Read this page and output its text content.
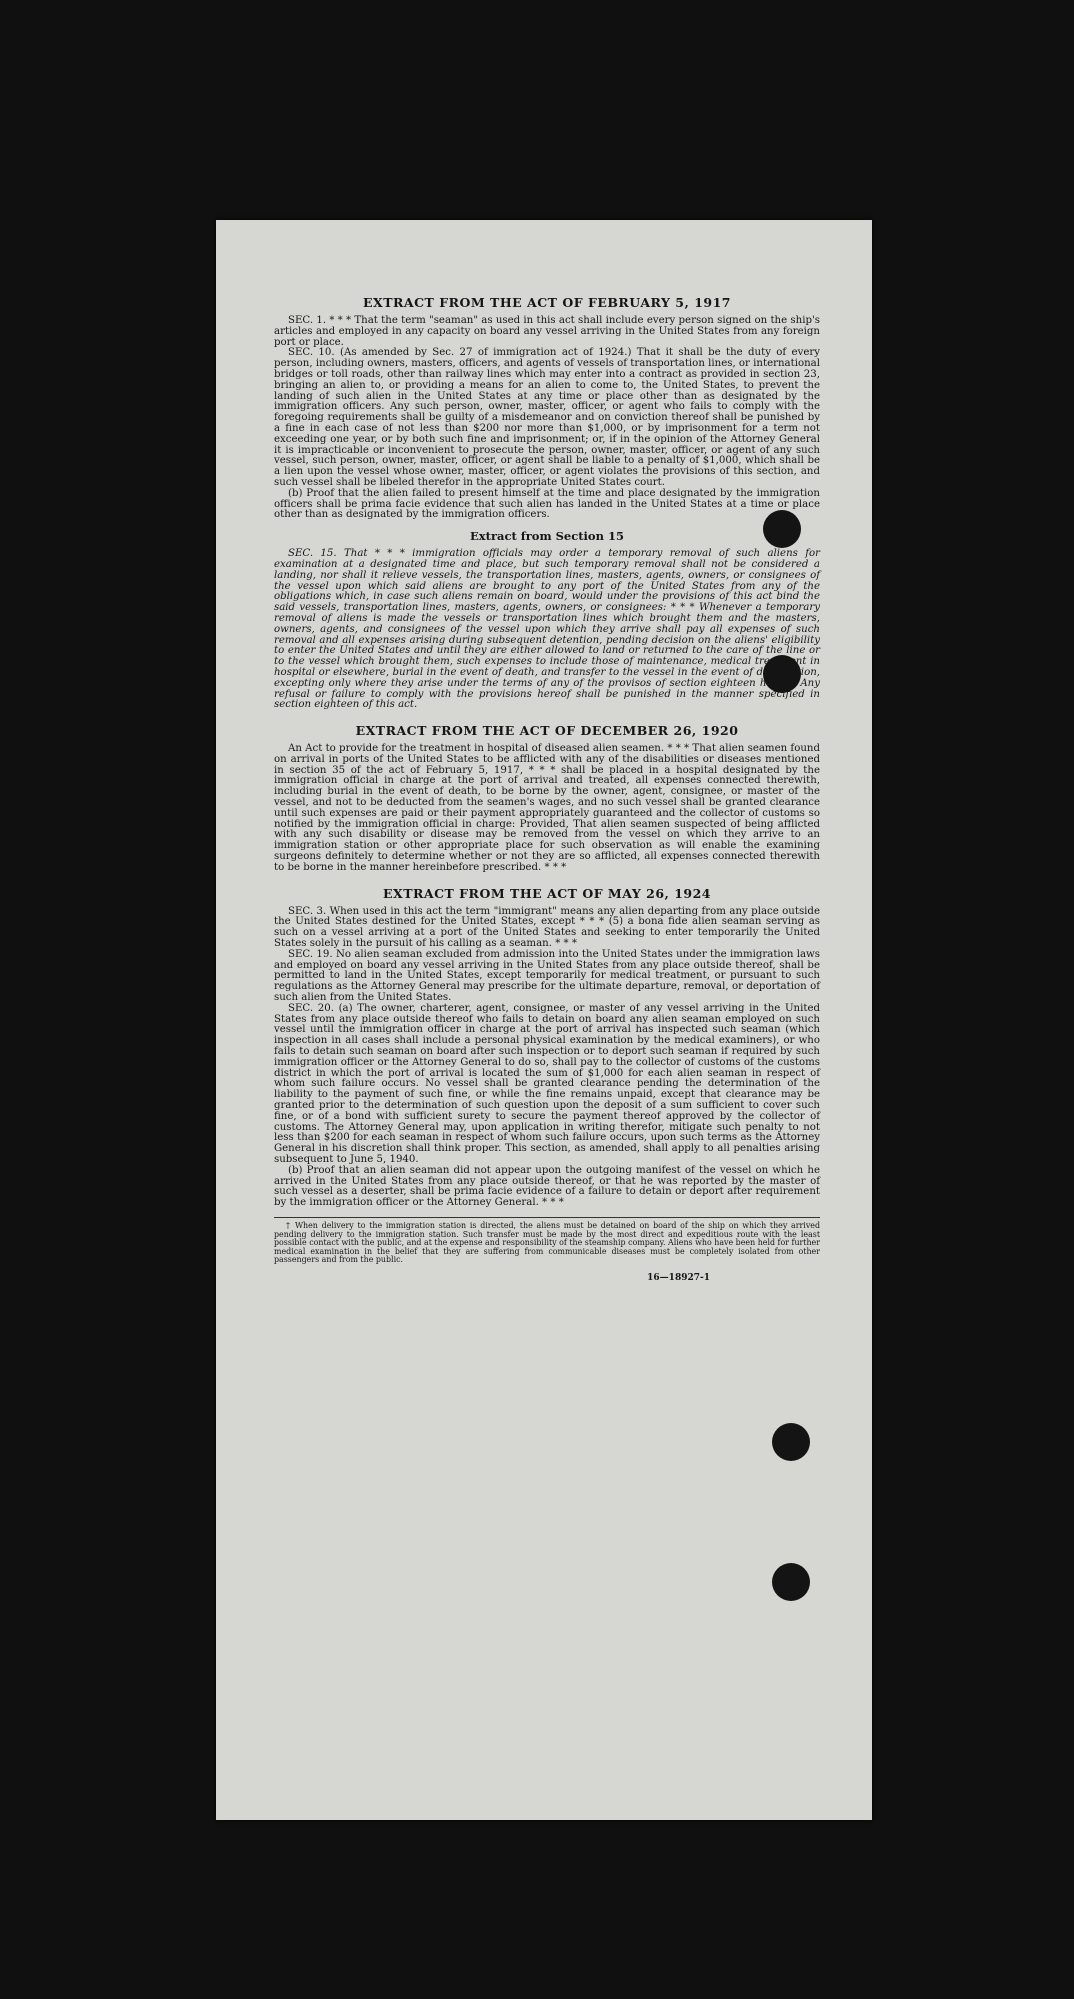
EXTRACT FROM THE ACT OF FEBRUARY 5, 1917

SEC. 1. * * * That the term "seaman" as used in this act shall include every person signed on the ship's articles and employed in any capacity on board any vessel arriving in the United States from any foreign port or place.

SEC. 10. (As amended by Sec. 27 of immigration act of 1924.) That it shall be the duty of every person, including owners, masters, officers, and agents of vessels of transportation lines, or international bridges or toll roads, other than railway lines which may enter into a contract as provided in section 23, bringing an alien to, or providing a means for an alien to come to, the United States, to prevent the landing of such alien in the United States at any time or place other than as designated by the immigration officers. Any such person, owner, master, officer, or agent who fails to comply with the foregoing requirements shall be guilty of a misdemeanor and on conviction thereof shall be punished by a fine in each case of not less than $200 nor more than $1,000, or by imprisonment for a term not exceeding one year, or by both such fine and imprisonment; or, if in the opinion of the Attorney General it is impracticable or inconvenient to prosecute the person, owner, master, officer, or agent of any such vessel, such person, owner, master, officer, or agent shall be liable to a penalty of $1,000, which shall be a lien upon the vessel whose owner, master, officer, or agent violates the provisions of this section, and such vessel shall be libeled therefor in the appropriate United States court.

(b) Proof that the alien failed to present himself at the time and place designated by the immigration officers shall be prima facie evidence that such alien has landed in the United States at a time or place other than as designated by the immigration officers.

Extract from Section 15

SEC. 15. That * * * immigration officials may order a temporary removal of such aliens for examination at a designated time and place, but such temporary removal shall not be considered a landing, nor shall it relieve vessels, the transportation lines, masters, agents, owners, or consignees of the vessel upon which said aliens are brought to any port of the United States from any of the obligations which, in case such aliens remain on board, would under the provisions of this act bind the said vessels, transportation lines, masters, agents, owners, or consignees: * * * Whenever a temporary removal of aliens is made the vessels or transportation lines which brought them and the masters, owners, agents, and consignees of the vessel upon which they arrive shall pay all expenses of such removal and all expenses arising during subsequent detention, pending decision on the aliens' eligibility to enter the United States and until they are either allowed to land or returned to the care of the line or to the vessel which brought them, such expenses to include those of maintenance, medical treatment in hospital or elsewhere, burial in the event of death, and transfer to the vessel in the event of deportation, excepting only where they arise under the terms of any of the provisos of section eighteen hereof. Any refusal or failure to comply with the provisions hereof shall be punished in the manner specified in section eighteen of this act.

EXTRACT FROM THE ACT OF DECEMBER 26, 1920

An Act to provide for the treatment in hospital of diseased alien seamen. * * * That alien seamen found on arrival in ports of the United States to be afflicted with any of the disabilities or diseases mentioned in section 35 of the act of February 5, 1917, * * * shall be placed in a hospital designated by the immigration official in charge at the port of arrival and treated, all expenses connected therewith, including burial in the event of death, to be borne by the owner, agent, consignee, or master of the vessel, and not to be deducted from the seamen's wages, and no such vessel shall be granted clearance until such expenses are paid or their payment appropriately guaranteed and the collector of customs so notified by the immigration official in charge: Provided, That alien seamen suspected of being afflicted with any such disability or disease may be removed from the vessel on which they arrive to an immigration station or other appropriate place for such observation as will enable the examining surgeons definitely to determine whether or not they are so afflicted, all expenses connected therewith to be borne in the manner hereinbefore prescribed. * * *

EXTRACT FROM THE ACT OF MAY 26, 1924

SEC. 3. When used in this act the term "immigrant" means any alien departing from any place outside the United States destined for the United States, except * * * (5) a bona fide alien seaman serving as such on a vessel arriving at a port of the United States and seeking to enter temporarily the United States solely in the pursuit of his calling as a seaman. * * *

SEC. 19. No alien seaman excluded from admission into the United States under the immigration laws and employed on board any vessel arriving in the United States from any place outside thereof, shall be permitted to land in the United States, except temporarily for medical treatment, or pursuant to such regulations as the Attorney General may prescribe for the ultimate departure, removal, or deportation of such alien from the United States.

SEC. 20. (a) The owner, charterer, agent, consignee, or master of any vessel arriving in the United States from any place outside thereof who fails to detain on board any alien seaman employed on such vessel until the immigration officer in charge at the port of arrival has inspected such seaman (which inspection in all cases shall include a personal physical examination by the medical examiners), or who fails to detain such seaman on board after such inspection or to deport such seaman if required by such immigration officer or the Attorney General to do so, shall pay to the collector of customs of the customs district in which the port of arrival is located the sum of $1,000 for each alien seaman in respect of whom such failure occurs. No vessel shall be granted clearance pending the determination of the liability to the payment of such fine, or while the fine remains unpaid, except that clearance may be granted prior to the determination of such question upon the deposit of a sum sufficient to cover such fine, or of a bond with sufficient surety to secure the payment thereof approved by the collector of customs. The Attorney General may, upon application in writing therefor, mitigate such penalty to not less than $200 for each seaman in respect of whom such failure occurs, upon such terms as the Attorney General in his discretion shall think proper. This section, as amended, shall apply to all penalties arising subsequent to June 5, 1940.

(b) Proof that an alien seaman did not appear upon the outgoing manifest of the vessel on which he arrived in the United States from any place outside thereof, or that he was reported by the master of such vessel as a deserter, shall be prima facie evidence of a failure to detain or deport after requirement by the immigration officer or the Attorney General. * * *

† When delivery to the immigration station is directed, the aliens must be detained on board of the ship on which they arrived pending delivery to the immigration station. Such transfer must be made by the most direct and expeditious route with the least possible contact with the public, and at the expense and responsibility of the steamship company. Aliens who have been held for further medical examination in the belief that they are suffering from communicable diseases must be completely isolated from other passengers and from the public.

16—18927-1
